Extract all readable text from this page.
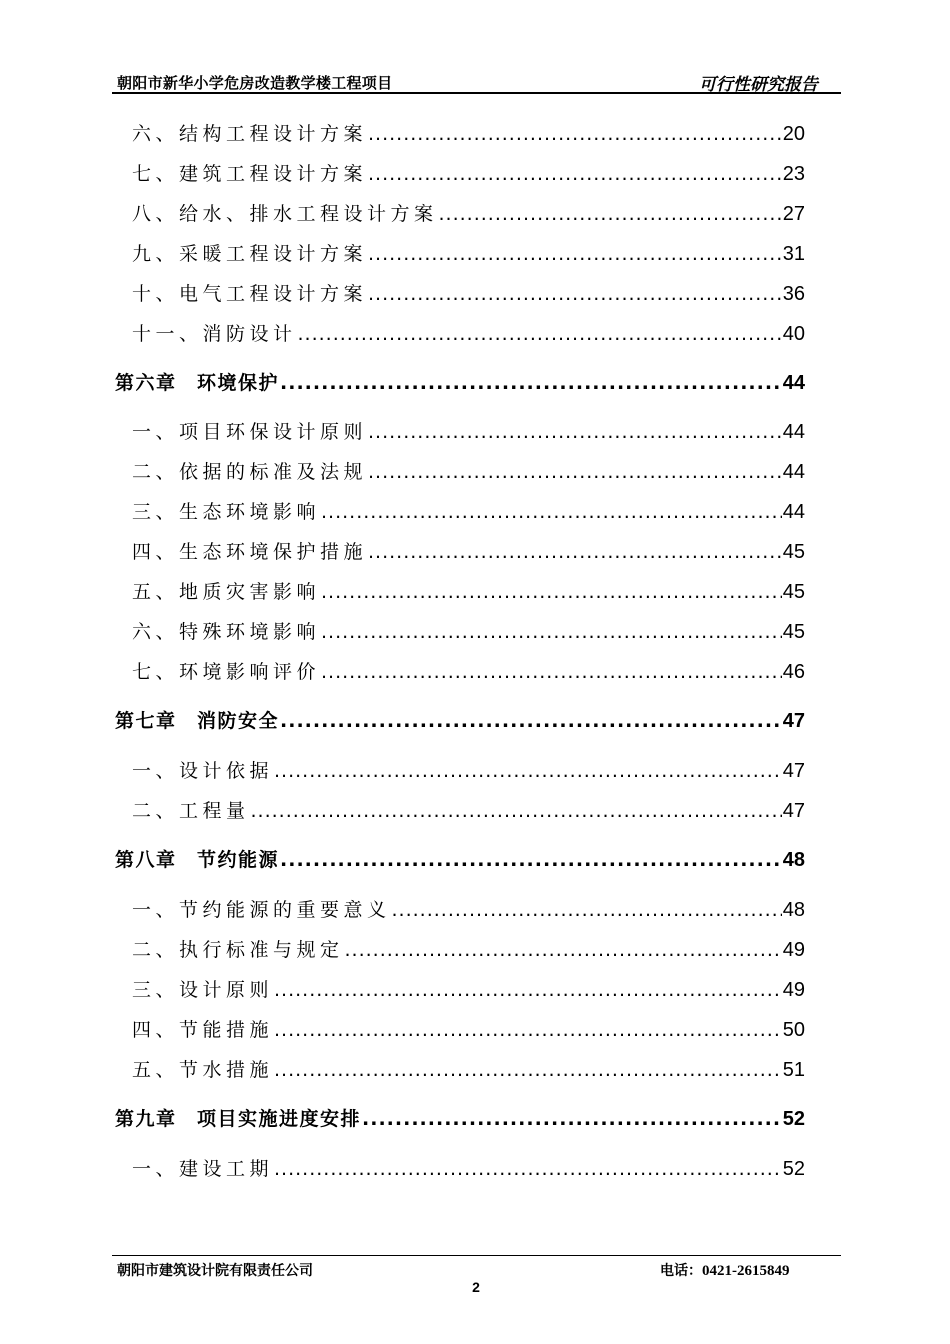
朝阳市新华小学危房改造教学楼工程项目	可行性研究报告
六、结构工程设计方案 .....	20
七、建筑工程设计方案 .....	23
八、给水、排水工程设计方案 .....	27
九、采暖工程设计方案 .....	31
十、电气工程设计方案 .....	36
十一、消防设计 .....	40
第六章　环境保护 .....	44
一、项目环保设计原则 .....	44
二、依据的标准及法规 .....	44
三、生态环境影响 .....	44
四、生态环境保护措施 .....	45
五、地质灾害影响 .....	45
六、特殊环境影响 .....	45
七、环境影响评价 .....	46
第七章　消防安全 .....	47
一、设计依据 .....	47
二、工程量 .....	47
第八章　节约能源 .....	48
一、节约能源的重要意义 .....	48
二、执行标准与规定 .....	49
三、设计原则 .....	49
四、节能措施 .....	50
五、节水措施 .....	51
第九章　项目实施进度安排 .....	52
一、建设工期 .....	52
朝阳市建筑设计院有限责任公司	电话：0421-2615849
2
